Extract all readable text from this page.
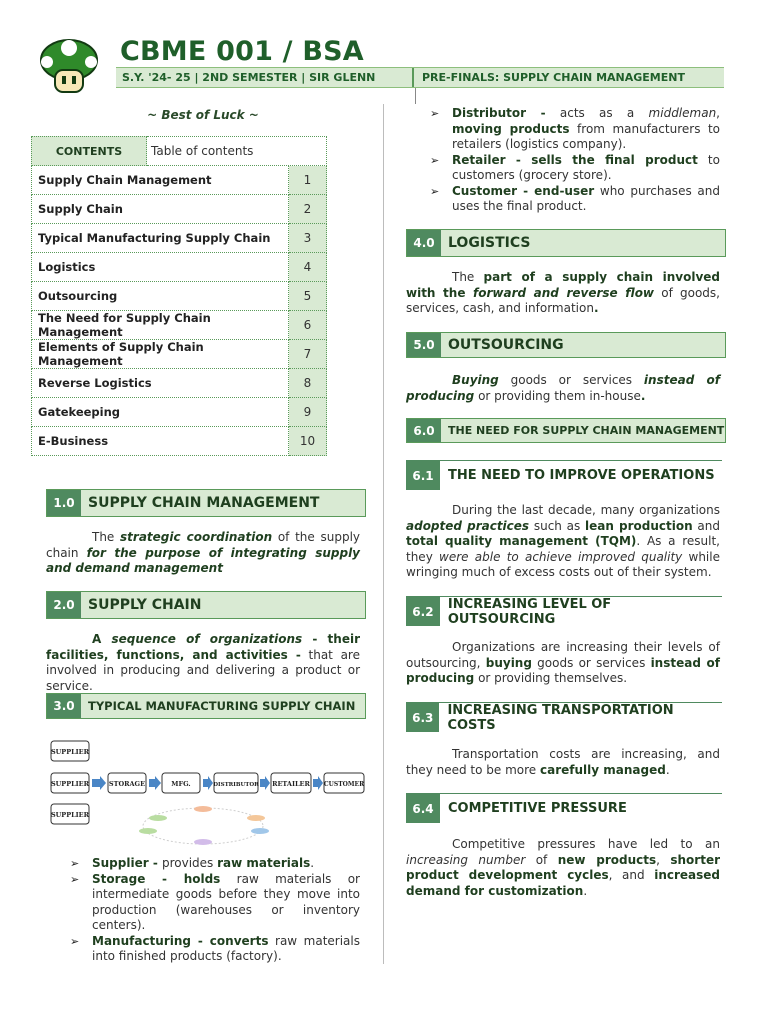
CBME 001 / BSA
S.Y. '24- 25 | 2ND SEMESTER | SIR GLENN	PRE-FINALS: SUPPLY CHAIN MANAGEMENT
~ Best of Luck ~
CONTENTS	Table of contents
Supply Chain Management	1
Supply Chain	2
Typical Manufacturing Supply Chain	3
Logistics	4
Outsourcing	5
The Need for Supply Chain Management	6
Elements of Supply Chain Management	7
Reverse Logistics	8
Gatekeeping	9
E-Business	10
1.0 SUPPLY CHAIN MANAGEMENT
The strategic coordination of the supply chain for the purpose of integrating supply and demand management
2.0 SUPPLY CHAIN
A sequence of organizations - their facilities, functions, and activities - that are involved in producing and delivering a product or service.
3.0	TYPICAL MANUFACTURING SUPPLY CHAIN
SUPPLIER
SUPPLIER
SUPPLIER
STORAGE	MFG.	DISTRIBUTOR RETAILER CUSTOMER
➢	Supplier - provides raw materials.
➢	Storage - holds raw materials or intermediate goods before they move into production (warehouses or inventory centers).
➢	Manufacturing - converts raw materials into finished products (factory).
➢	Distributor - acts as a middleman, moving products from manufacturers to retailers (logistics company).
➢	Retailer - sells the final product to customers (grocery store).
➢	Customer - end-user who purchases and uses the final product.
4.0 LOGISTICS
The part of a supply chain involved with the forward and reverse flow of goods, services, cash, and information.
5.0 OUTSOURCING
Buying goods or services instead of producing or providing them in-house.
6.0	THE NEED FOR SUPPLY CHAIN MANAGEMENT
6.1	THE NEED TO IMPROVE OPERATIONS
During the last decade, many organizations adopted practices such as lean production and total quality management (TQM). As a result, they were able to achieve improved quality while wringing much of excess costs out of their system.
6.2	INCREASING LEVEL OF OUTSOURCING
Organizations are increasing their levels of outsourcing, buying goods or services instead of producing or providing themselves.
6.3	INCREASING TRANSPORTATION COSTS
Transportation costs are increasing, and they need to be more carefully managed.
6.4	COMPETITIVE PRESSURE
Competitive pressures have led to an increasing number of new products, shorter product development cycles, and increased demand for customization.
